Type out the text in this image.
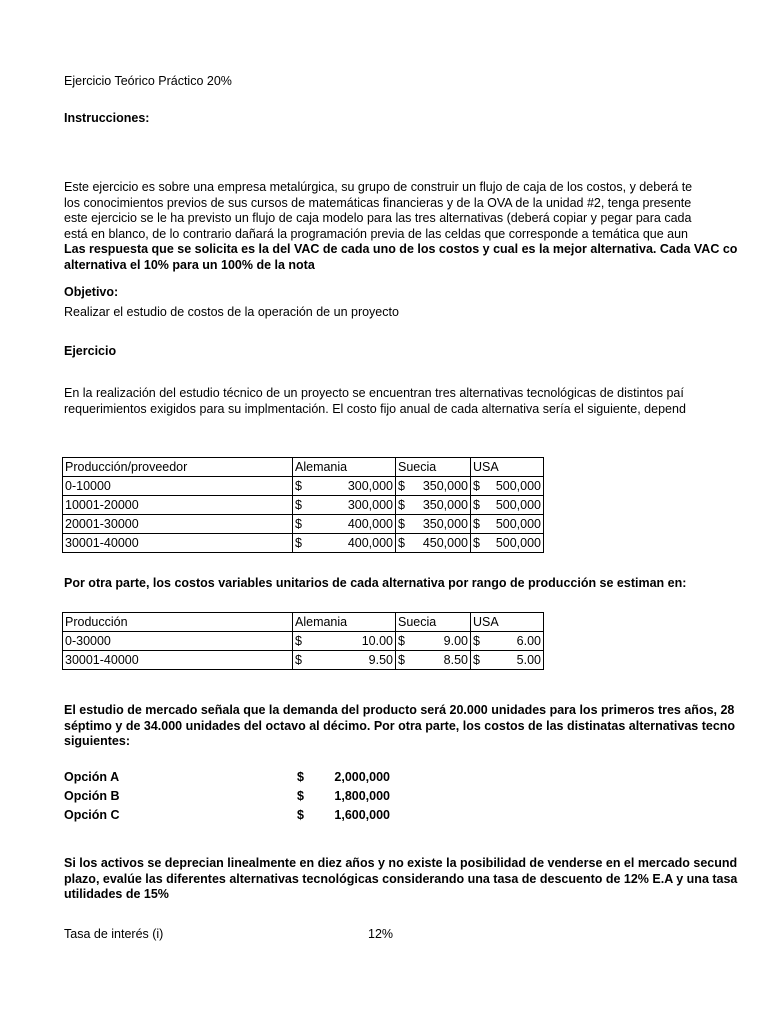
Ejercicio Teórico Práctico 20%
Instrucciones:
Este ejercicio es sobre una empresa metalúrgica, su grupo de construir un flujo de caja de los costos, y deberá te
los conocimientos previos de sus cursos de matemáticas financieras y de la OVA de la unidad #2, tenga presente
este ejercicio se le ha previsto un flujo de caja modelo para las tres alternativas (deberá copiar y pegar para cada
está en blanco, de lo contrario dañará la programación previa de las celdas que corresponde a temática que aun
Las respuesta que se solicita es la del VAC de cada uno de los costos y cual es la mejor alternativa. Cada VAC co
alternativa el 10% para un 100% de la nota
Objetivo:
Realizar el estudio de costos de la operación de un proyecto
Ejercicio
En la realización del estudio técnico de un proyecto se encuentran tres alternativas tecnológicas de distintos paí
requerimientos exigidos para su implmentación. El costo fijo anual de cada alternativa sería el siguiente, depend
Producción/proveedor	Alemania	Suecia	USA
0-10000	$ 300,000	$ 350,000	$ 500,000

10001-20000	$ 300,000	$ 350,000	$ 500,000

20001-30000	$ 400,000	$ 350,000	$ 500,000

30001-40000	$ 400,000	$ 450,000	$ 500,000
Por otra parte, los costos variables unitarios de cada alternativa por rango de producción se estiman en:
Producción	Alemania	Suecia	USA
0-30000	$ 10.00	$ 9.00	$ 6.00

30001-40000	$ 9.50	$ 8.50	$ 5.00
El estudio de mercado señala que la demanda del producto será 20.000 unidades para los primeros tres años, 28
séptimo y de 34.000 unidades del octavo al décimo. Por otra parte, los costos de las distinatas alternativas tecno
siguientes:
Opción A	$ 2,000,000
Opción B	$ 1,800,000
Opción C	$ 1,600,000
Si los activos se deprecian linealmente en diez años y no existe la posibilidad de venderse en el mercado secund
plazo, evalúe las diferentes alternativas tecnológicas considerando una tasa de descuento de 12% E.A y una tasa
utilidades de 15%
Tasa de interés (i)	12%
